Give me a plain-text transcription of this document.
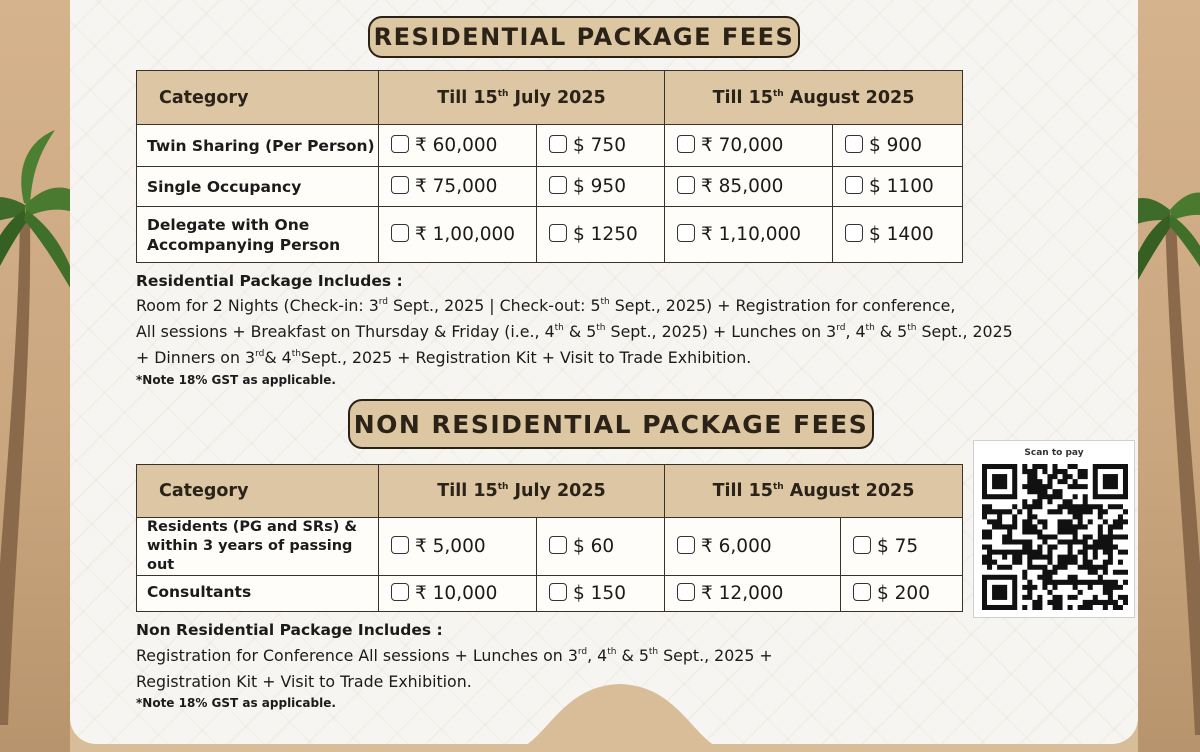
RESIDENTIAL PACKAGE FEES
Category	Till 15th July 2025		Till 15th August 2025	
Twin Sharing (Per Person)	₹ 60,000	$ 750	₹ 70,000	$ 900
Single Occupancy	₹ 75,000	$ 950	₹ 85,000	$ 1100
Delegate with One
Accompanying Person	₹ 1,00,000	$ 1250	₹ 1,10,000	$ 1400
Residential Package Includes :
Room for 2 Nights (Check-in: 3rd Sept., 2025 | Check-out: 5th Sept., 2025) + Registration for conference,
All sessions + Breakfast on Thursday & Friday (i.e., 4th & 5th Sept., 2025) + Lunches on 3rd, 4th & 5th Sept., 2025
+ Dinners on 3rd& 4thSept., 2025 + Registration Kit + Visit to Trade Exhibition.
*Note 18% GST as applicable.
NON RESIDENTIAL PACKAGE FEES
Category	Till 15th July 2025		Till 15th August 2025	
Residents (PG and SRs) &
within 3 years of passing out	₹ 5,000	$ 60	₹ 6,000	$ 75
Consultants	₹ 10,000	$ 150	₹ 12,000	$ 200
Non Residential Package Includes :
Registration for Conference All sessions + Lunches on 3rd, 4th & 5th Sept., 2025 +
Registration Kit + Visit to Trade Exhibition.
*Note 18% GST as applicable.
Scan to pay
